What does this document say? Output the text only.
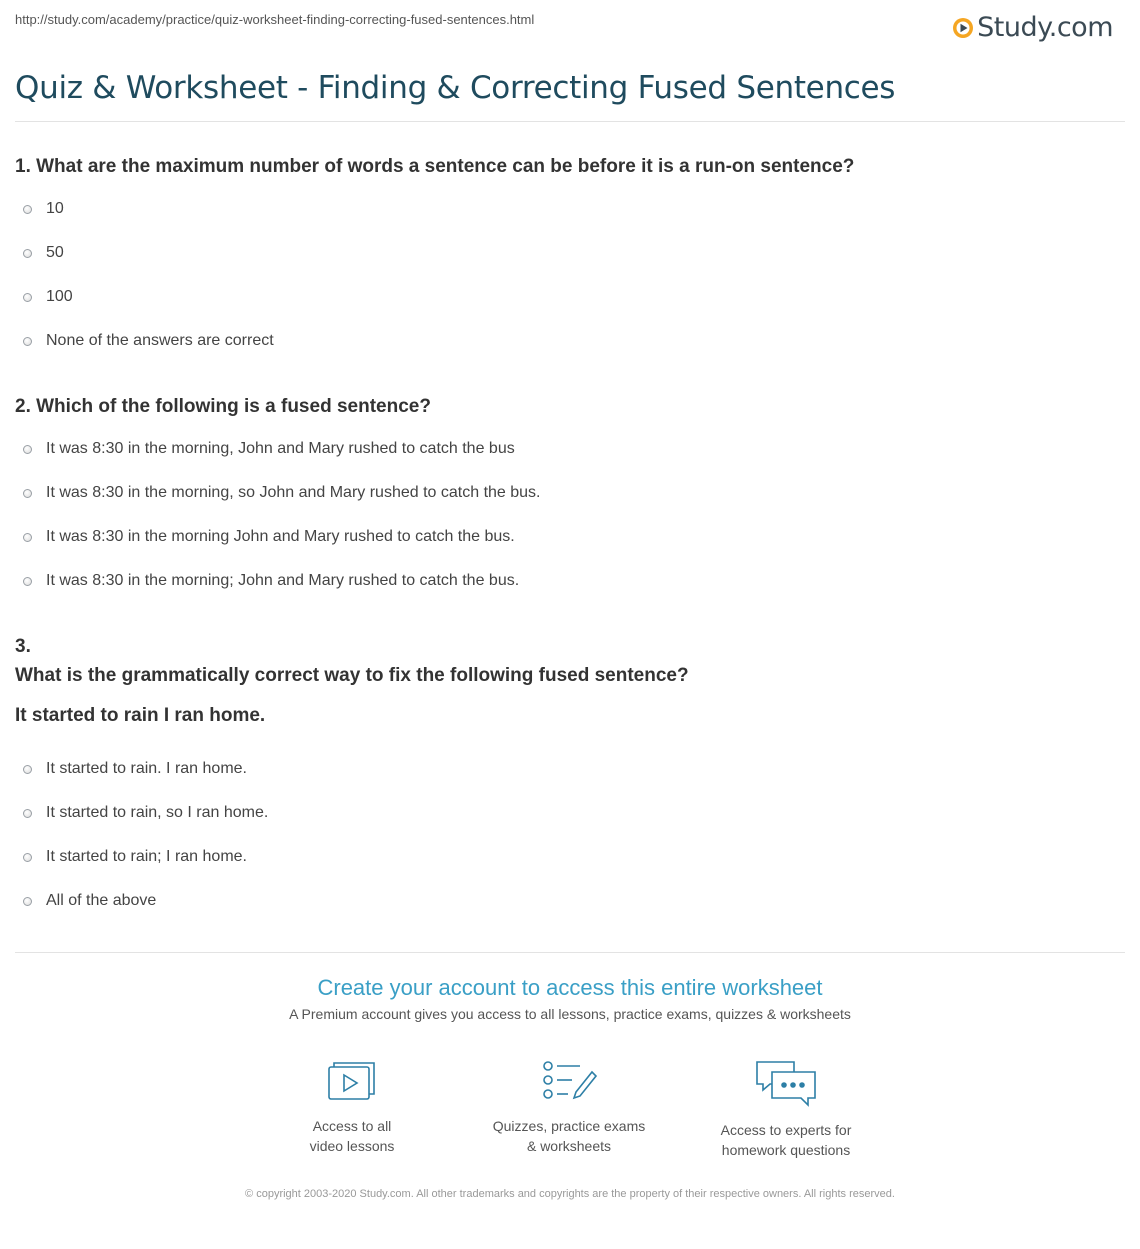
http://study.com/academy/practice/quiz-worksheet-finding-correcting-fused-sentences.html	Study.com
Quiz & Worksheet - Finding & Correcting Fused Sentences
1. What are the maximum number of words a sentence can be before it is a run-on sentence?
10
50
100
None of the answers are correct
2. Which of the following is a fused sentence?
It was 8:30 in the morning, John and Mary rushed to catch the bus
It was 8:30 in the morning, so John and Mary rushed to catch the bus.
It was 8:30 in the morning John and Mary rushed to catch the bus.
It was 8:30 in the morning; John and Mary rushed to catch the bus.
3.
What is the grammatically correct way to fix the following fused sentence?
It started to rain I ran home.
It started to rain. I ran home.
It started to rain, so I ran home.
It started to rain; I ran home.
All of the above
Create your account to access this entire worksheet
A Premium account gives you access to all lessons, practice exams, quizzes & worksheets
Access to all
video lessons
Quizzes, practice exams
& worksheets
Access to experts for
homework questions
© copyright 2003-2020 Study.com. All other trademarks and copyrights are the property of their respective owners. All rights reserved.
